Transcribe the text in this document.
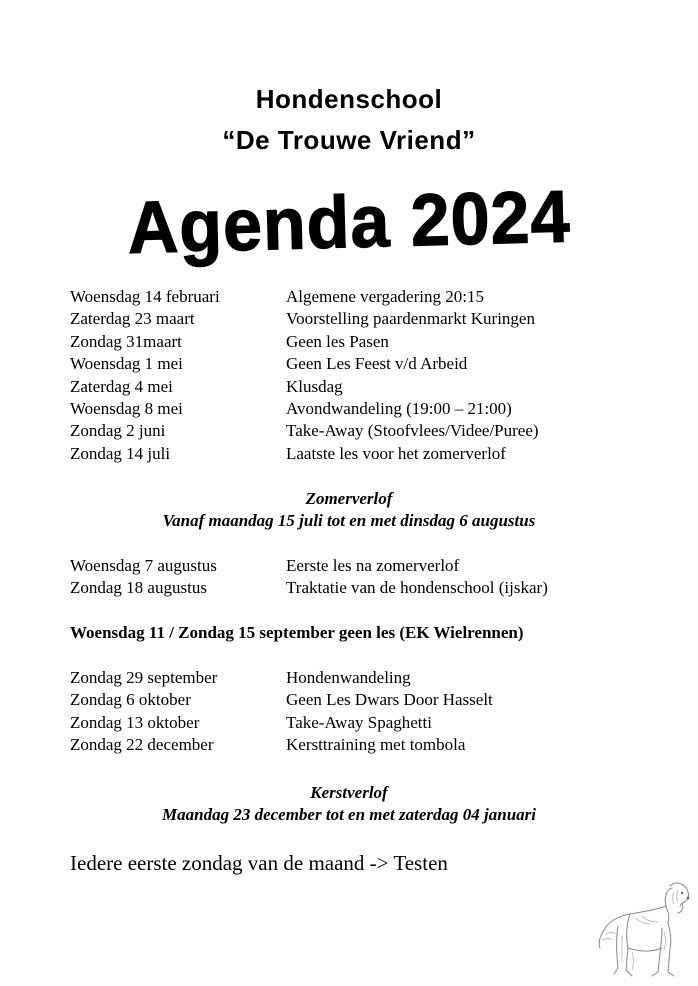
Hondenschool
“De Trouwe Vriend”
Agenda 2024
Woensdag 14 februari	Algemene vergadering 20:15
Zaterdag 23 maart	Voorstelling paardenmarkt Kuringen
Zondag 31maart	Geen les Pasen
Woensdag 1 mei	Geen Les Feest v/d Arbeid
Zaterdag 4 mei	Klusdag
Woensdag 8 mei	Avondwandeling (19:00 – 21:00)
Zondag 2 juni	Take-Away (Stoofvlees/Videe/Puree)
Zondag 14 juli	Laatste les voor het zomerverlof
Zomerverlof
Vanaf maandag 15 juli tot en met dinsdag 6 augustus
Woensdag 7 augustus	Eerste les na zomerverlof
Zondag 18 augustus	Traktatie van de hondenschool (ijskar)
Woensdag 11 / Zondag 15 september geen les (EK Wielrennen)
Zondag 29 september	Hondenwandeling
Zondag 6 oktober	Geen Les Dwars Door Hasselt
Zondag 13 oktober	Take-Away Spaghetti
Zondag 22 december	Kersttraining met tombola
Kerstverlof
Maandag 23 december tot en met zaterdag 04 januari
Iedere eerste zondag van de maand -> Testen
